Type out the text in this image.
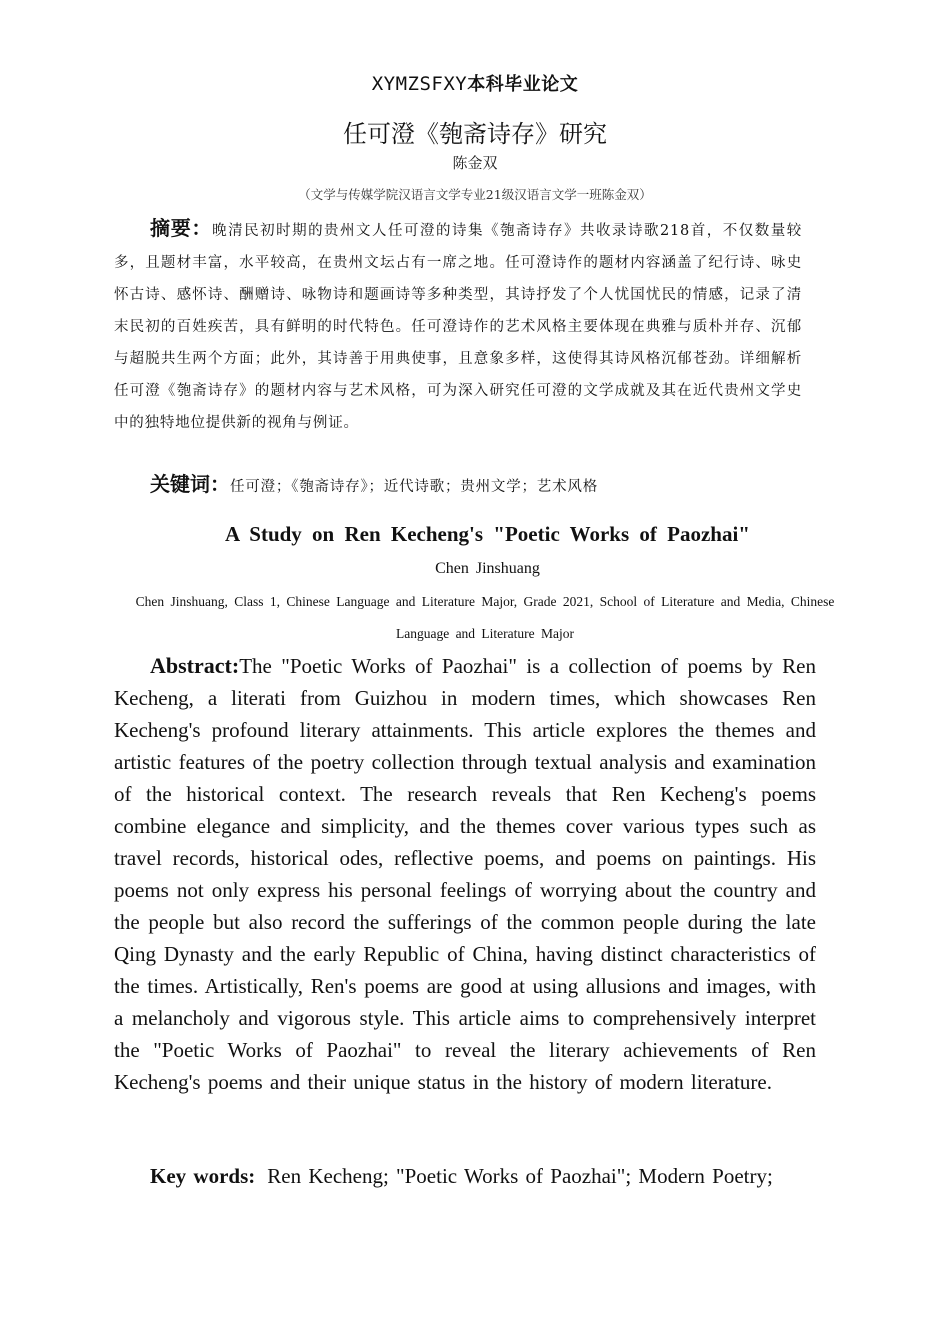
XYMZSFXY本科毕业论文
任可澄《匏斋诗存》研究
陈金双
（文学与传媒学院汉语言文学专业21级汉语言文学一班陈金双）
摘要：晚清民初时期的贵州文人任可澄的诗集《匏斋诗存》共收录诗歌218首，不仅数量较多，且题材丰富，水平较高，在贵州文坛占有一席之地。任可澄诗作的题材内容涵盖了纪行诗、咏史怀古诗、感怀诗、酬赠诗、咏物诗和题画诗等多种类型，其诗抒发了个人忧国忧民的情感，记录了清末民初的百姓疾苦，具有鲜明的时代特色。任可澄诗作的艺术风格主要体现在典雅与质朴并存、沉郁与超脱共生两个方面；此外，其诗善于用典使事，且意象多样，这使得其诗风格沉郁苍劲。详细解析任可澄《匏斋诗存》的题材内容与艺术风格，可为深入研究任可澄的文学成就及其在近代贵州文学史中的独特地位提供新的视角与例证。
关键词：任可澄；《匏斋诗存》；近代诗歌；贵州文学；艺术风格
A Study on Ren Kecheng's "Poetic Works of Paozhai"
Chen Jinshuang
Chen Jinshuang, Class 1, Chinese Language and Literature Major, Grade 2021, School of Literature and Media, Chinese Language and Literature Major
Abstract:The "Poetic Works of Paozhai" is a collection of poems by Ren Kecheng, a literati from Guizhou in modern times, which showcases Ren Kecheng's profound literary attainments. This article explores the themes and artistic features of the poetry collection through textual analysis and examination of the historical context. The research reveals that Ren Kecheng's poems combine elegance and simplicity, and the themes cover various types such as travel records, historical odes, reflective poems, and poems on paintings. His poems not only express his personal feelings of worrying about the country and the people but also record the sufferings of the common people during the late Qing Dynasty and the early Republic of China, having distinct characteristics of the times. Artistically, Ren's poems are good at using allusions and images, with a melancholy and vigorous style. This article aims to comprehensively interpret the "Poetic Works of Paozhai" to reveal the literary achievements of Ren Kecheng's poems and their unique status in the history of modern literature.
Key words: Ren Kecheng; "Poetic Works of Paozhai"; Modern Poetry;
